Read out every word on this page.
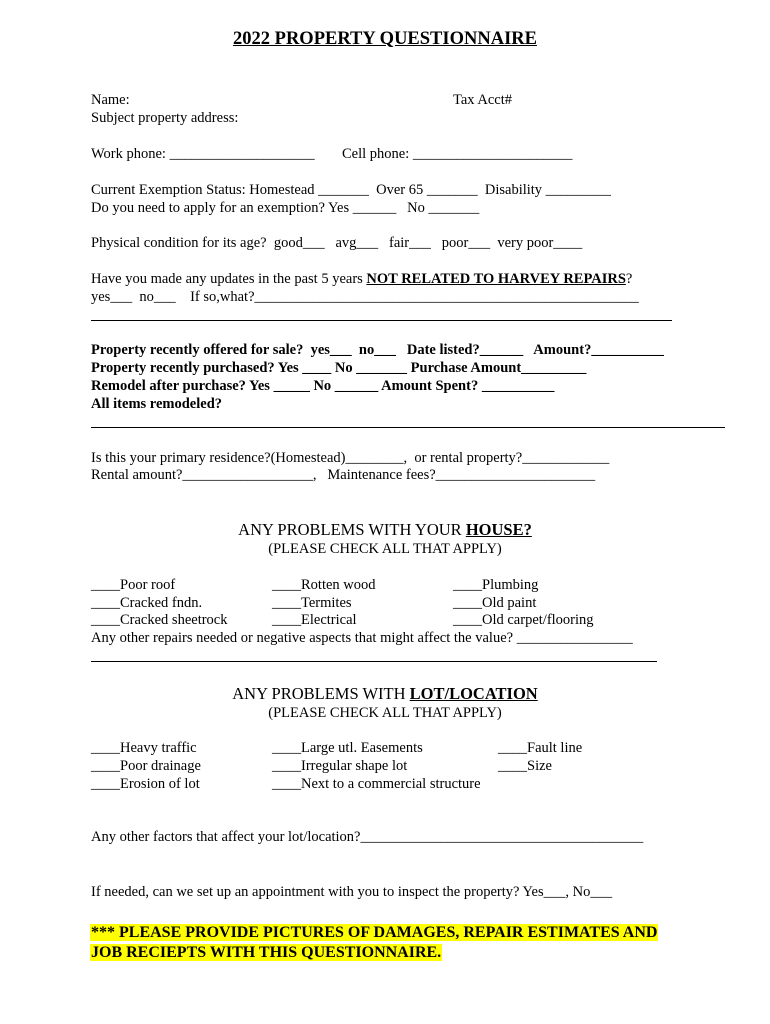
2022 PROPERTY QUESTIONNAIRE
Name:	Tax Acct#
Subject property address:
Work phone: ____________________ Cell phone: ______________________
Current Exemption Status: Homestead _______  Over 65 _______  Disability _________
Do you need to apply for an exemption? Yes ______   No _______
Physical condition for its age?  good___   avg___   fair___   poor___  very poor____
Have you made any updates in the past 5 years NOT RELATED TO HARVEY REPAIRS?
yes___  no___    If so,what?_____________________________________________________
Property recently offered for sale?  yes___  no___   Date listed?______   Amount?__________
Property recently purchased? Yes ____ No _______ Purchase Amount_________
Remodel after purchase? Yes _____ No ______ Amount Spent? __________
All items remodeled?
Is this your primary residence?(Homestead)________,  or rental property?____________
Rental amount?__________________,   Maintenance fees?______________________
ANY PROBLEMS WITH YOUR HOUSE?
(PLEASE CHECK ALL THAT APPLY)
____Poor roof
____Cracked fndn.
____Cracked sheetrock
____Rotten wood
____Termites
____Electrical
____Plumbing
____Old paint
____Old carpet/flooring
Any other repairs needed or negative aspects that might affect the value? ________________
ANY PROBLEMS WITH LOT/LOCATION
(PLEASE CHECK ALL THAT APPLY)
____Heavy traffic
____Poor drainage
____Erosion of lot
____Large utl. Easements
____Irregular shape lot
____Next to a commercial structure
____Fault line
____Size
Any other factors that affect your lot/location?_______________________________________
If needed, can we set up an appointment with you to inspect the property? Yes___, No___
*** PLEASE PROVIDE PICTURES OF DAMAGES, REPAIR ESTIMATES AND
JOB RECIEPTS WITH THIS QUESTIONNAIRE.
